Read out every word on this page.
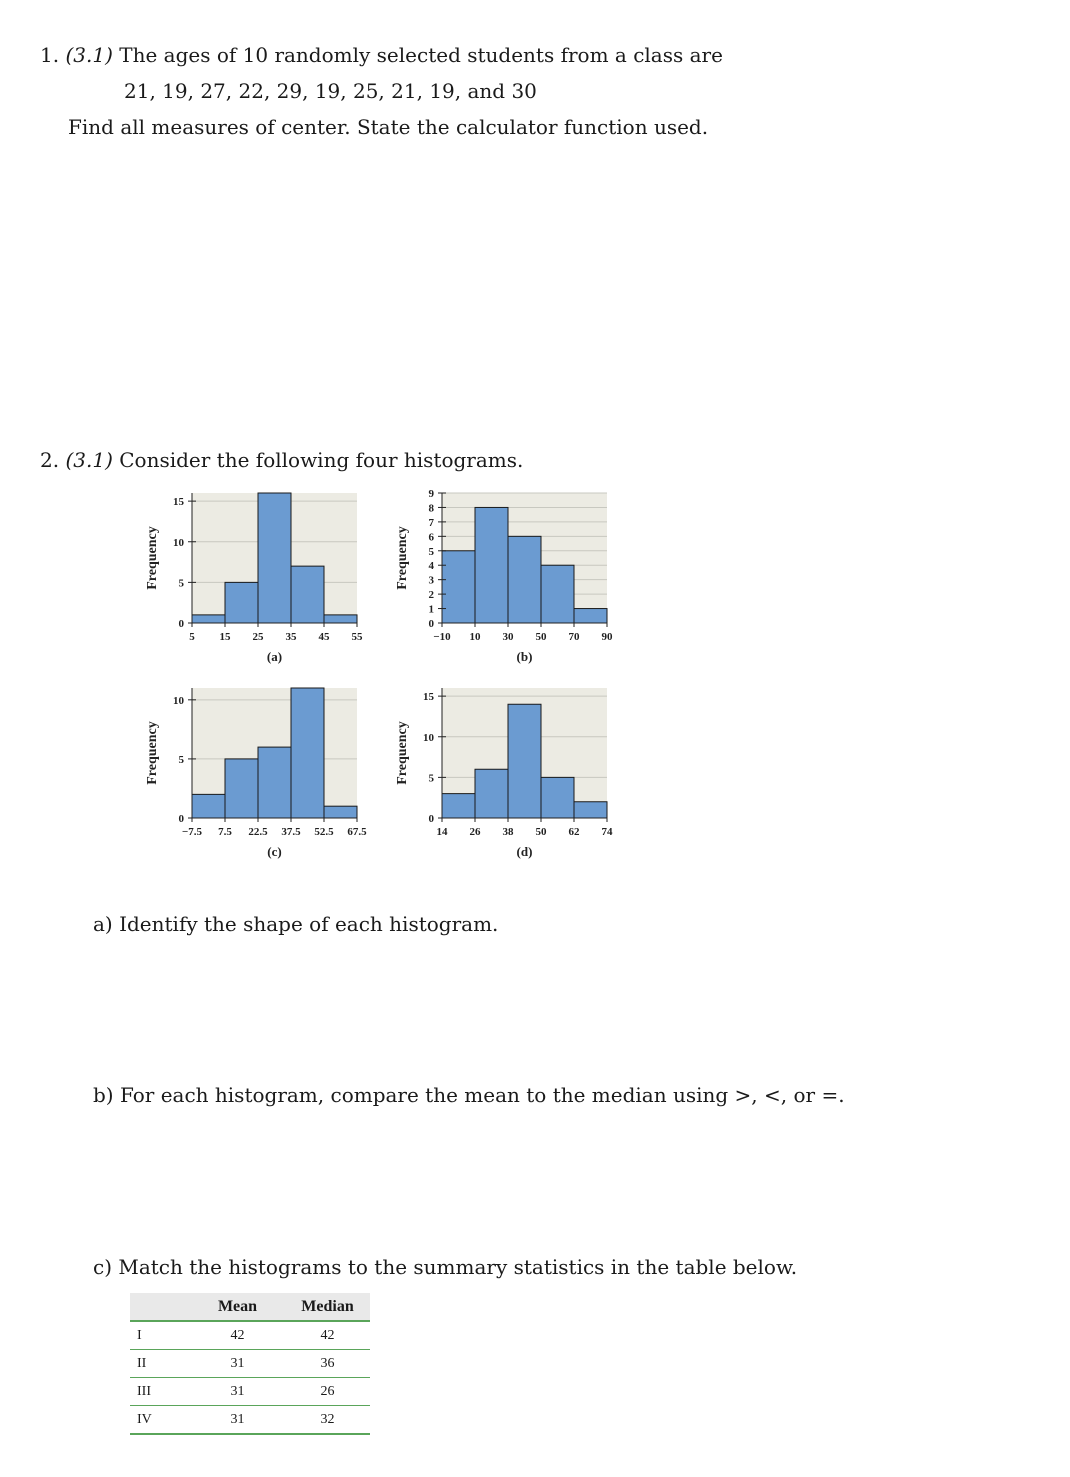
1. (3.1) The ages of 10 randomly selected students from a class are
21, 19, 27, 22, 29, 19, 25, 21, 19, and 30
Find all measures of center. State the calculator function used.
2. (3.1) Consider the following four histograms.
0
5
10
15
5 15 25 35 45 55
Frequency
(a)
0
1
2
3
4
5
6
7
8
9
−10 10 30 50 70 90
Frequency
(b)
0
5
10
−7.5 7.5 22.5 37.5 52.5 67.5
Frequency
(c)
0
5
10
15
14 26 38 50 62 74
Frequency
(d)
a) Identify the shape of each histogram.
b) For each histogram, compare the mean to the median using >, <, or =.
c) Match the histograms to the summary statistics in the table below.
	Mean	Median
I	42	42
II	31	36
III	31	26
IV	31	32
